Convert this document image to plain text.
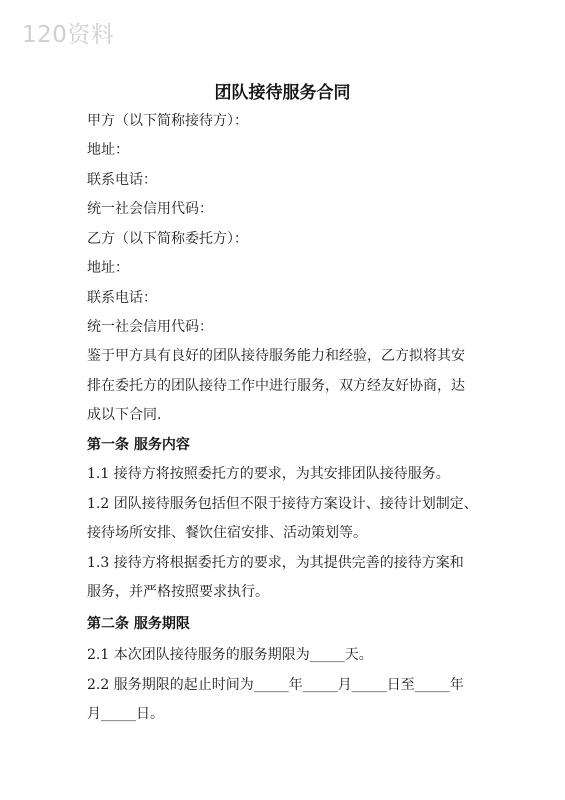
120资料
团队接待服务合同
甲方（以下简称接待方）：
地址：
联系电话：
统一社会信用代码：
乙方（以下简称委托方）：
地址：
联系电话：
统一社会信用代码：
鉴于甲方具有良好的团队接待服务能力和经验，乙方拟将其安
排在委托方的团队接待工作中进行服务，双方经友好协商，达
成以下合同.
第一条 服务内容
1.1 接待方将按照委托方的要求，为其安排团队接待服务。
1.2 团队接待服务包括但不限于接待方案设计、接待计划制定、
接待场所安排、餐饮住宿安排、活动策划等。
1.3 接待方将根据委托方的要求，为其提供完善的接待方案和
服务，并严格按照要求执行。
第二条 服务期限
2.1 本次团队接待服务的服务期限为_____天。
2.2 服务期限的起止时间为_____年_____月_____日至_____年
月_____日。
